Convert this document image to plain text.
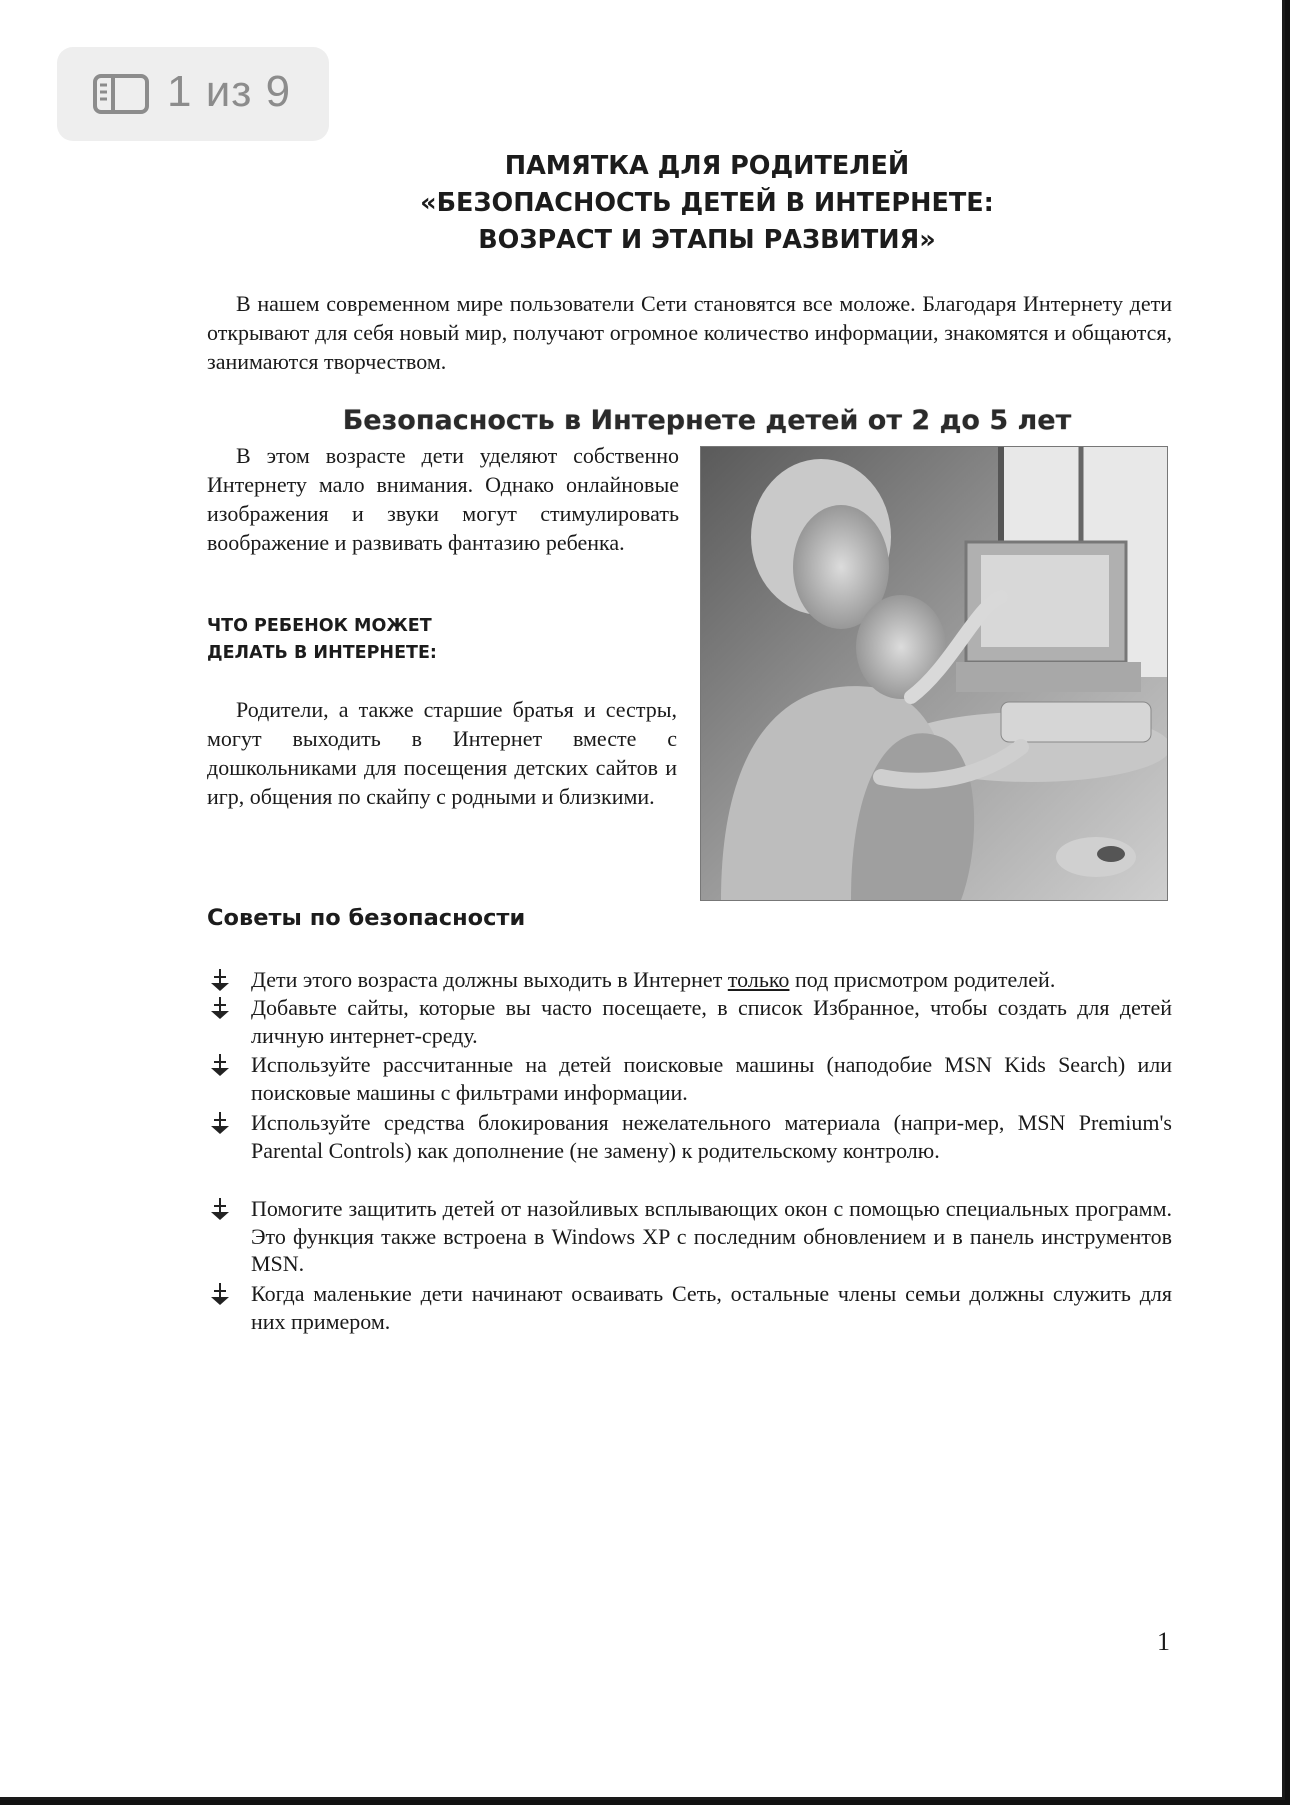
1 из 9
ПАМЯТКА ДЛЯ РОДИТЕЛЕЙ
«БЕЗОПАСНОСТЬ ДЕТЕЙ В ИНТЕРНЕТЕ:
ВОЗРАСТ И ЭТАПЫ РАЗВИТИЯ»

В нашем современном мире пользователи Сети становятся все моложе. Благодаря Интернету дети открывают для себя новый мир, получают огромное количество информации, знакомятся и общаются, занимаются творчеством.

Безопасность в Интернете детей от 2 до 5 лет

В этом возрасте дети уделяют собственно Интернету мало внимания. Однако онлайновые изображения и звуки могут стимулировать воображение и развивать фантазию ребенка.

ЧТО РЕБЕНОК МОЖЕТ
ДЕЛАТЬ В ИНТЕРНЕТЕ:

Родители, а также старшие братья и сестры, могут выходить в Интернет вместе с дошкольниками для посещения детских сайтов и игр, общения по скайпу с родными и близкими.

Советы по безопасности
Дети этого возраста должны выходить в Интернет только под присмотром родителей.
Добавьте сайты, которые вы часто посещаете, в список Избранное, чтобы создать для детей личную интернет-среду.
Используйте рассчитанные на детей поисковые машины (наподобие MSN Kids Search) или поисковые машины с фильтрами информации.
Используйте средства блокирования нежелательного материала (напри-мер, MSN Premium's Parental Controls) как дополнение (не замену) к родительскому контролю.
Помогите защитить детей от назойливых всплывающих окон с помощью специальных программ. Это функция также встроена в Windows XP с последним обновлением и в панель инструментов MSN.
Когда маленькие дети начинают осваивать Сеть, остальные члены семьи должны служить для них примером.
1
